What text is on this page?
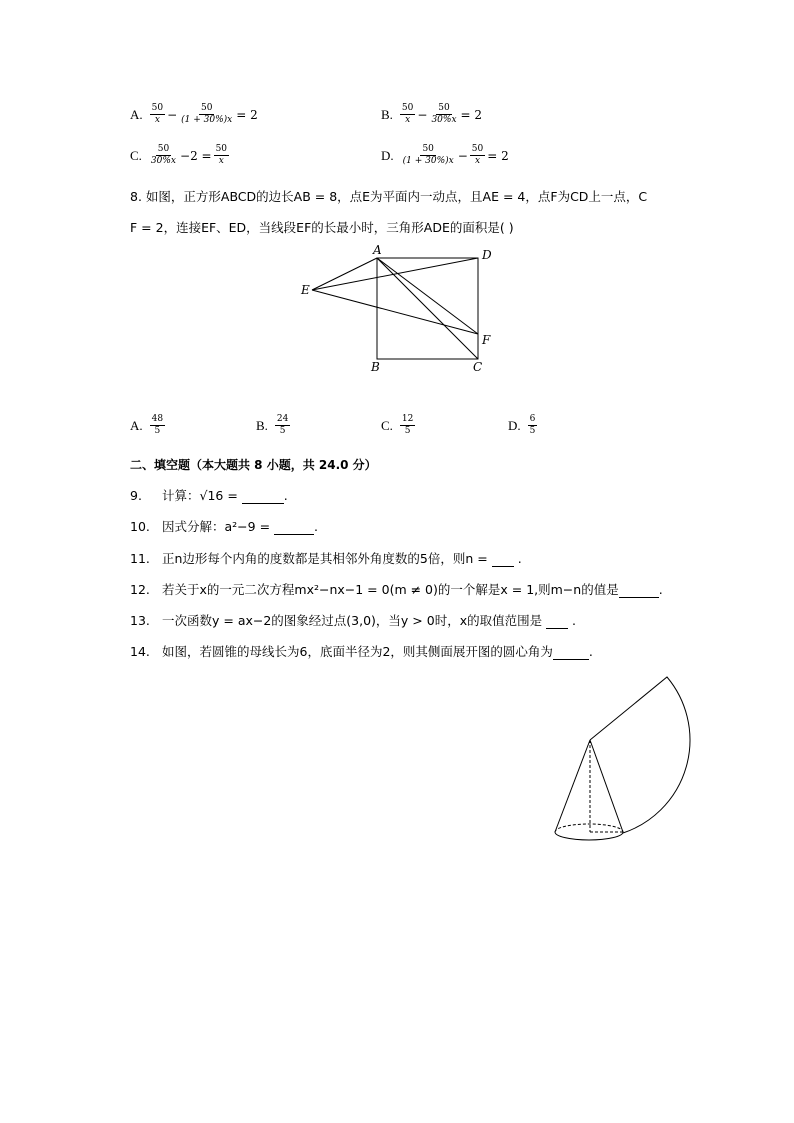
A. $\frac{50}{x} - \frac{50}{(1 + 30\%)x} = 2$	B. $\frac{50}{x} - \frac{50}{30\%x} = 2$
C. $\frac{50}{30\%x} -2 = \frac{50}{x}$	D. $\frac{50}{(1 + 30\%)x} - \frac{50}{x} = 2$
8. 如图，正方形ABCD的边长AB = 8，点E为平面内一动点，且AE = 4，点F为CD上一点，C
F = 2，连接EF、ED，当线段EF的长最小时，三角形ADE的面积是( )
A	D
E
F
B	C
A. $\frac{48}{5}$	B. $\frac{24}{5}$	C. $\frac{12}{5}$	D. $\frac{6}{5}$
二、填空题（本大题共 8 小题，共 24.0 分）
9. 计算：√16 =	.
10. 因式分解：a²−9 =	.
11. 正n边形每个内角的度数都是其相邻外角度数的5倍，则n =  .
12. 若关于x的一元二次方程mx²−nx−1 = 0(m ≠ 0)的一个解是x = 1,则m−n的值是	.
13. 一次函数y = ax−2的图象经过点(3,0)，当y > 0时，x的取值范围是  .
14. 如图，若圆锥的母线长为6，底面半径为2，则其侧面展开图的圆心角为	.
